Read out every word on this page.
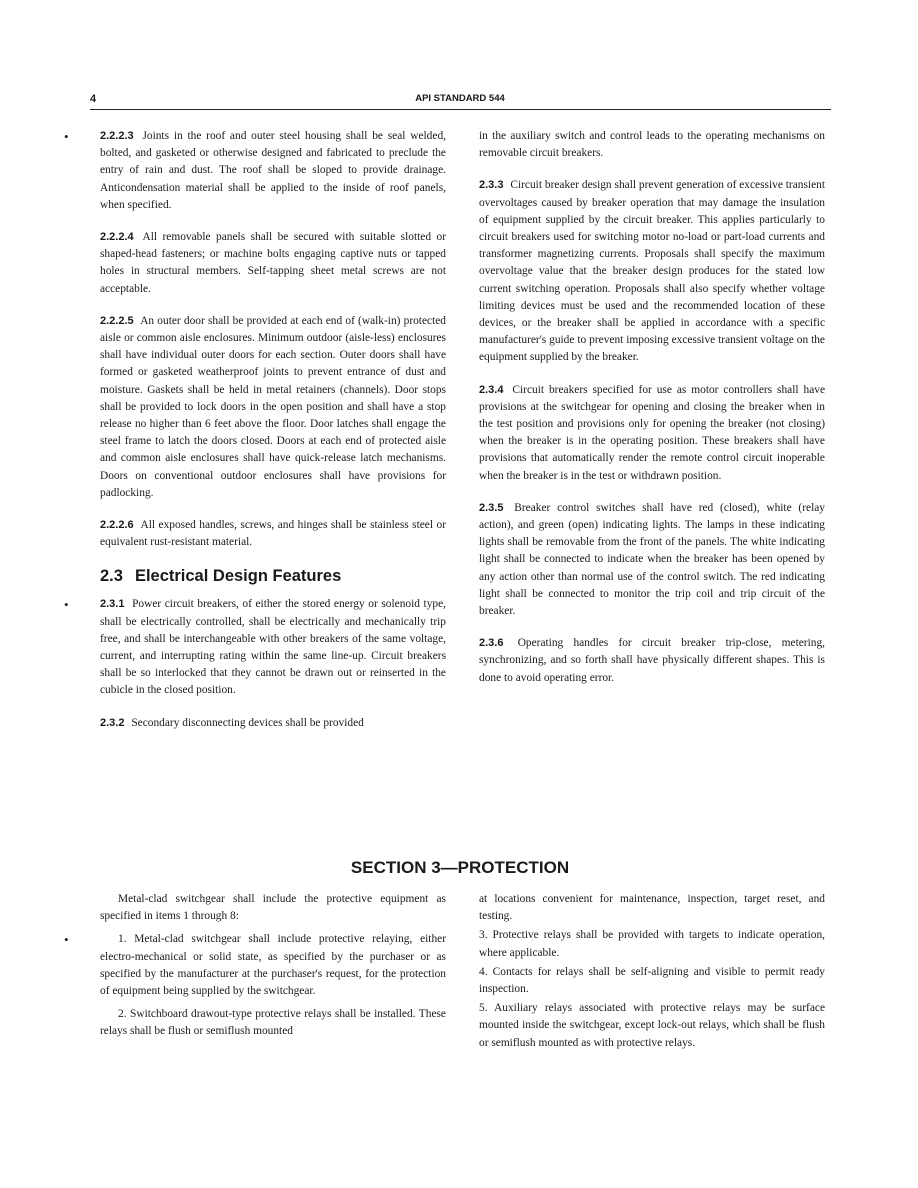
4	API STANDARD 544

•	2.2.2.3 Joints in the roof and outer steel housing shall be seal welded, bolted, and gasketed or otherwise designed and fabricated to preclude the entry of rain and dust. The roof shall be sloped to provide drainage. Anticondensation material shall be applied to the inside of roof panels, when specified.

2.2.2.4 All removable panels shall be secured with suitable slotted or shaped-head fasteners; or machine bolts engaging captive nuts or tapped holes in structural members. Self-tapping sheet metal screws are not acceptable.

2.2.2.5 An outer door shall be provided at each end of (walk-in) protected aisle or common aisle enclosures. Minimum outdoor (aisle-less) enclosures shall have individual outer doors for each section. Outer doors shall have formed or gasketed weatherproof joints to prevent entrance of dust and moisture. Gaskets shall be held in metal retainers (channels). Door stops shall be provided to lock doors in the open position and shall have a stop release no higher than 6 feet above the floor. Door latches shall engage the steel frame to latch the doors closed. Doors at each end of protected aisle and common aisle enclosures shall have quick-release latch mechanisms. Doors on conventional outdoor enclosures shall have provisions for padlocking.

2.2.2.6 All exposed handles, screws, and hinges shall be stainless steel or equivalent rust-resistant material.

2.3 Electrical Design Features

•	2.3.1 Power circuit breakers, of either the stored energy or solenoid type, shall be electrically controlled, shall be electrically and mechanically trip free, and shall be interchangeable with other breakers of the same voltage, current, and interrupting rating within the same line-up. Circuit breakers shall be so interlocked that they cannot be drawn out or reinserted in the cubicle in the closed position.

2.3.2 Secondary disconnecting devices shall be provided

in the auxiliary switch and control leads to the operating mechanisms on removable circuit breakers.

2.3.3 Circuit breaker design shall prevent generation of excessive transient overvoltages caused by breaker operation that may damage the insulation of equipment supplied by the circuit breaker. This applies particularly to circuit breakers used for switching motor no-load or part-load currents and transformer magnetizing currents. Proposals shall specify the maximum overvoltage value that the breaker design produces for the stated low current switching operation. Proposals shall also specify whether voltage limiting devices must be used and the recommended location of these devices, or the breaker shall be applied in accordance with a specific manufacturer's guide to prevent imposing excessive transient voltage on the equipment supplied by the breaker.

2.3.4 Circuit breakers specified for use as motor controllers shall have provisions at the switchgear for opening and closing the breaker when in the test position and provisions only for opening the breaker (not closing) when the breaker is in the operating position. These breakers shall have provisions that automatically render the remote control circuit inoperable when the breaker is in the test or withdrawn position.

2.3.5 Breaker control switches shall have red (closed), white (relay action), and green (open) indicating lights. The lamps in these indicating lights shall be removable from the front of the panels. The white indicating light shall be connected to indicate when the breaker has been opened by any action other than normal use of the control switch. The red indicating light shall be connected to monitor the trip coil and trip circuit of the breaker.

2.3.6 Operating handles for circuit breaker trip-close, metering, synchronizing, and so forth shall have physically different shapes. This is done to avoid operating error.

SECTION 3—PROTECTION

Metal-clad switchgear shall include the protective equipment as specified in items 1 through 8:

•	1. Metal-clad switchgear shall include protective relaying, either electro-mechanical or solid state, as specified by the purchaser or as specified by the manufacturer at the purchaser's request, for the protection of equipment being supplied by the switchgear.

2. Switchboard drawout-type protective relays shall be installed. These relays shall be flush or semiflush mounted

at locations convenient for maintenance, inspection, target reset, and testing.

3. Protective relays shall be provided with targets to indicate operation, where applicable.

4. Contacts for relays shall be self-aligning and visible to permit ready inspection.

5. Auxiliary relays associated with protective relays may be surface mounted inside the switchgear, except lock-out relays, which shall be flush or semiflush mounted as with protective relays.
